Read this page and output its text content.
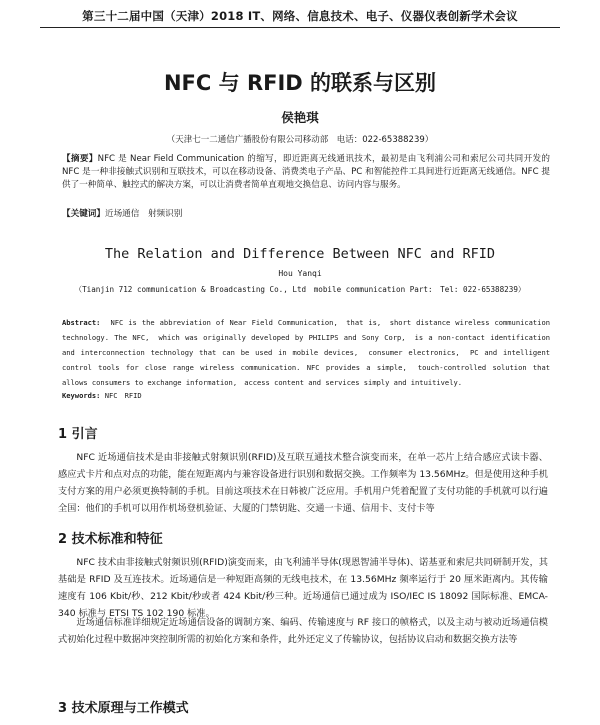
第三十二届中国（天津）2018 IT、网络、信息技术、电子、仪器仪表创新学术会议
NFC 与 RFID 的联系与区别
侯艳琪
（天津七一二通信广播股份有限公司移动部　电话：022-65388239）
【摘要】NFC 是 Near Field Communication 的缩写，即近距离无线通讯技术，最初是由飞利浦公司和索尼公司共同开发的 NFC 是一种非接触式识别和互联技术，可以在移动设备、消费类电子产品、PC 和智能控件工具间进行近距离无线通信。NFC 提供了一种简单、触控式的解决方案，可以让消费者简单直观地交换信息、访问内容与服务。
【关键词】近场通信　射频识别
The Relation and Difference Between NFC and RFID
Hou Yanqi
（Tianjin 712 communication & Broadcasting Co., Ltd　mobile communication Part:　Tel: 022-65388239）
Abstract: NFC is the abbreviation of Near Field Communication,　that is,　short distance wireless communication technology. The NFC,　which was originally developed by PHILIPS and Sony Corp,　is a non-contact identification and interconnection technology that can be used in mobile devices,　consumer electronics,　PC and intelligent control tools for close range wireless communication. NFC provides a simple,　touch-controlled solution that allows consumers to exchange information,　access content and services simply and intuitively.
Keywords: NFC　RFID
1 引言
NFC 近场通信技术是由非接触式射频识别(RFID)及互联互通技术整合演变而来，在单一芯片上结合感应式读卡器、感应式卡片和点对点的功能，能在短距离内与兼容设备进行识别和数据交换。工作频率为 13.56MHz。但是使用这种手机支付方案的用户必须更换特制的手机。目前这项技术在日韩被广泛应用。手机用户凭着配置了支付功能的手机就可以行遍全国：他们的手机可以用作机场登机验证、大厦的门禁钥匙、交通一卡通、信用卡、支付卡等
2 技术标准和特征
NFC 技术由非接触式射频识别(RFID)演变而来，由飞利浦半导体(现恩智浦半导体)、诺基亚和索尼共同研制开发，其基础是 RFID 及互连技术。近场通信是一种短距高频的无线电技术，在 13.56MHz 频率运行于 20 厘米距离内。其传输速度有 106 Kbit/秒、212 Kbit/秒或者 424 Kbit/秒三种。近场通信已通过成为 ISO/IEC IS 18092 国际标准、EMCA-340 标准与 ETSI TS 102 190 标准。
近场通信标准详细规定近场通信设备的调制方案、编码、传输速度与 RF 接口的帧格式，以及主动与被动近场通信模式初始化过程中数据冲突控制所需的初始化方案和条件，此外还定义了传输协议，包括协议启动和数据交换方法等
3 技术原理与工作模式
